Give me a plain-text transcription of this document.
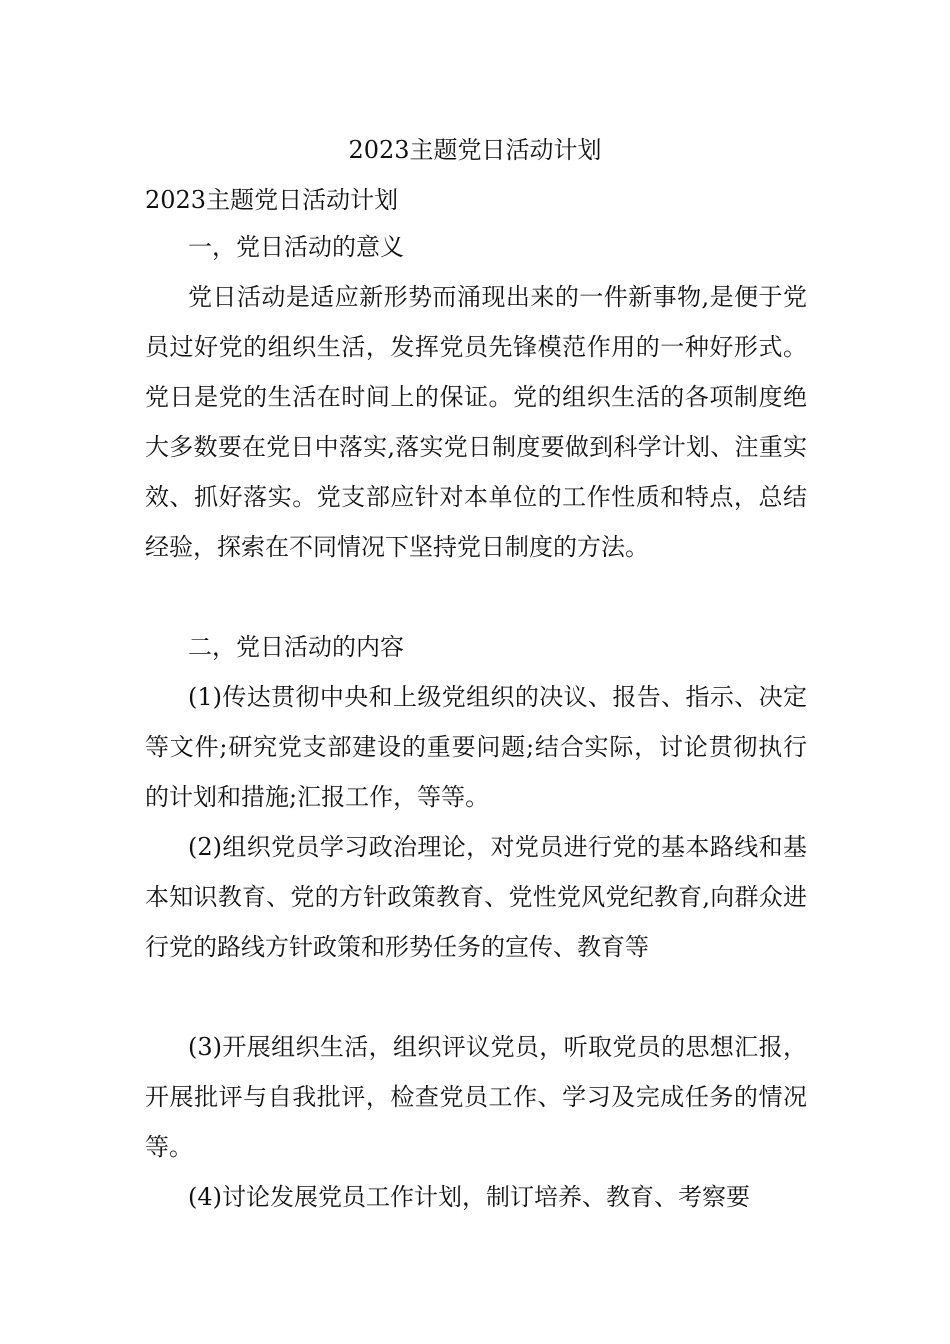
2023主题党日活动计划
2023主题党日活动计划

一，党日活动的意义

党日活动是适应新形势而涌现出来的一件新事物,是便于党员过好党的组织生活，发挥党员先锋模范作用的一种好形式。党日是党的生活在时间上的保证。党的组织生活的各项制度绝大多数要在党日中落实,落实党日制度要做到科学计划、注重实效、抓好落实。党支部应针对本单位的工作性质和特点，总结经验，探索在不同情况下坚持党日制度的方法。

二，党日活动的内容

(1)传达贯彻中央和上级党组织的决议、报告、指示、决定等文件;研究党支部建设的重要问题;结合实际，讨论贯彻执行的计划和措施;汇报工作，等等。

(2)组织党员学习政治理论，对党员进行党的基本路线和基本知识教育、党的方针政策教育、党性党风党纪教育,向群众进行党的路线方针政策和形势任务的宣传、教育等

(3)开展组织生活，组织评议党员，听取党员的思想汇报，开展批评与自我批评，检查党员工作、学习及完成任务的情况等。

(4)讨论发展党员工作计划，制订培养、教育、考察要
